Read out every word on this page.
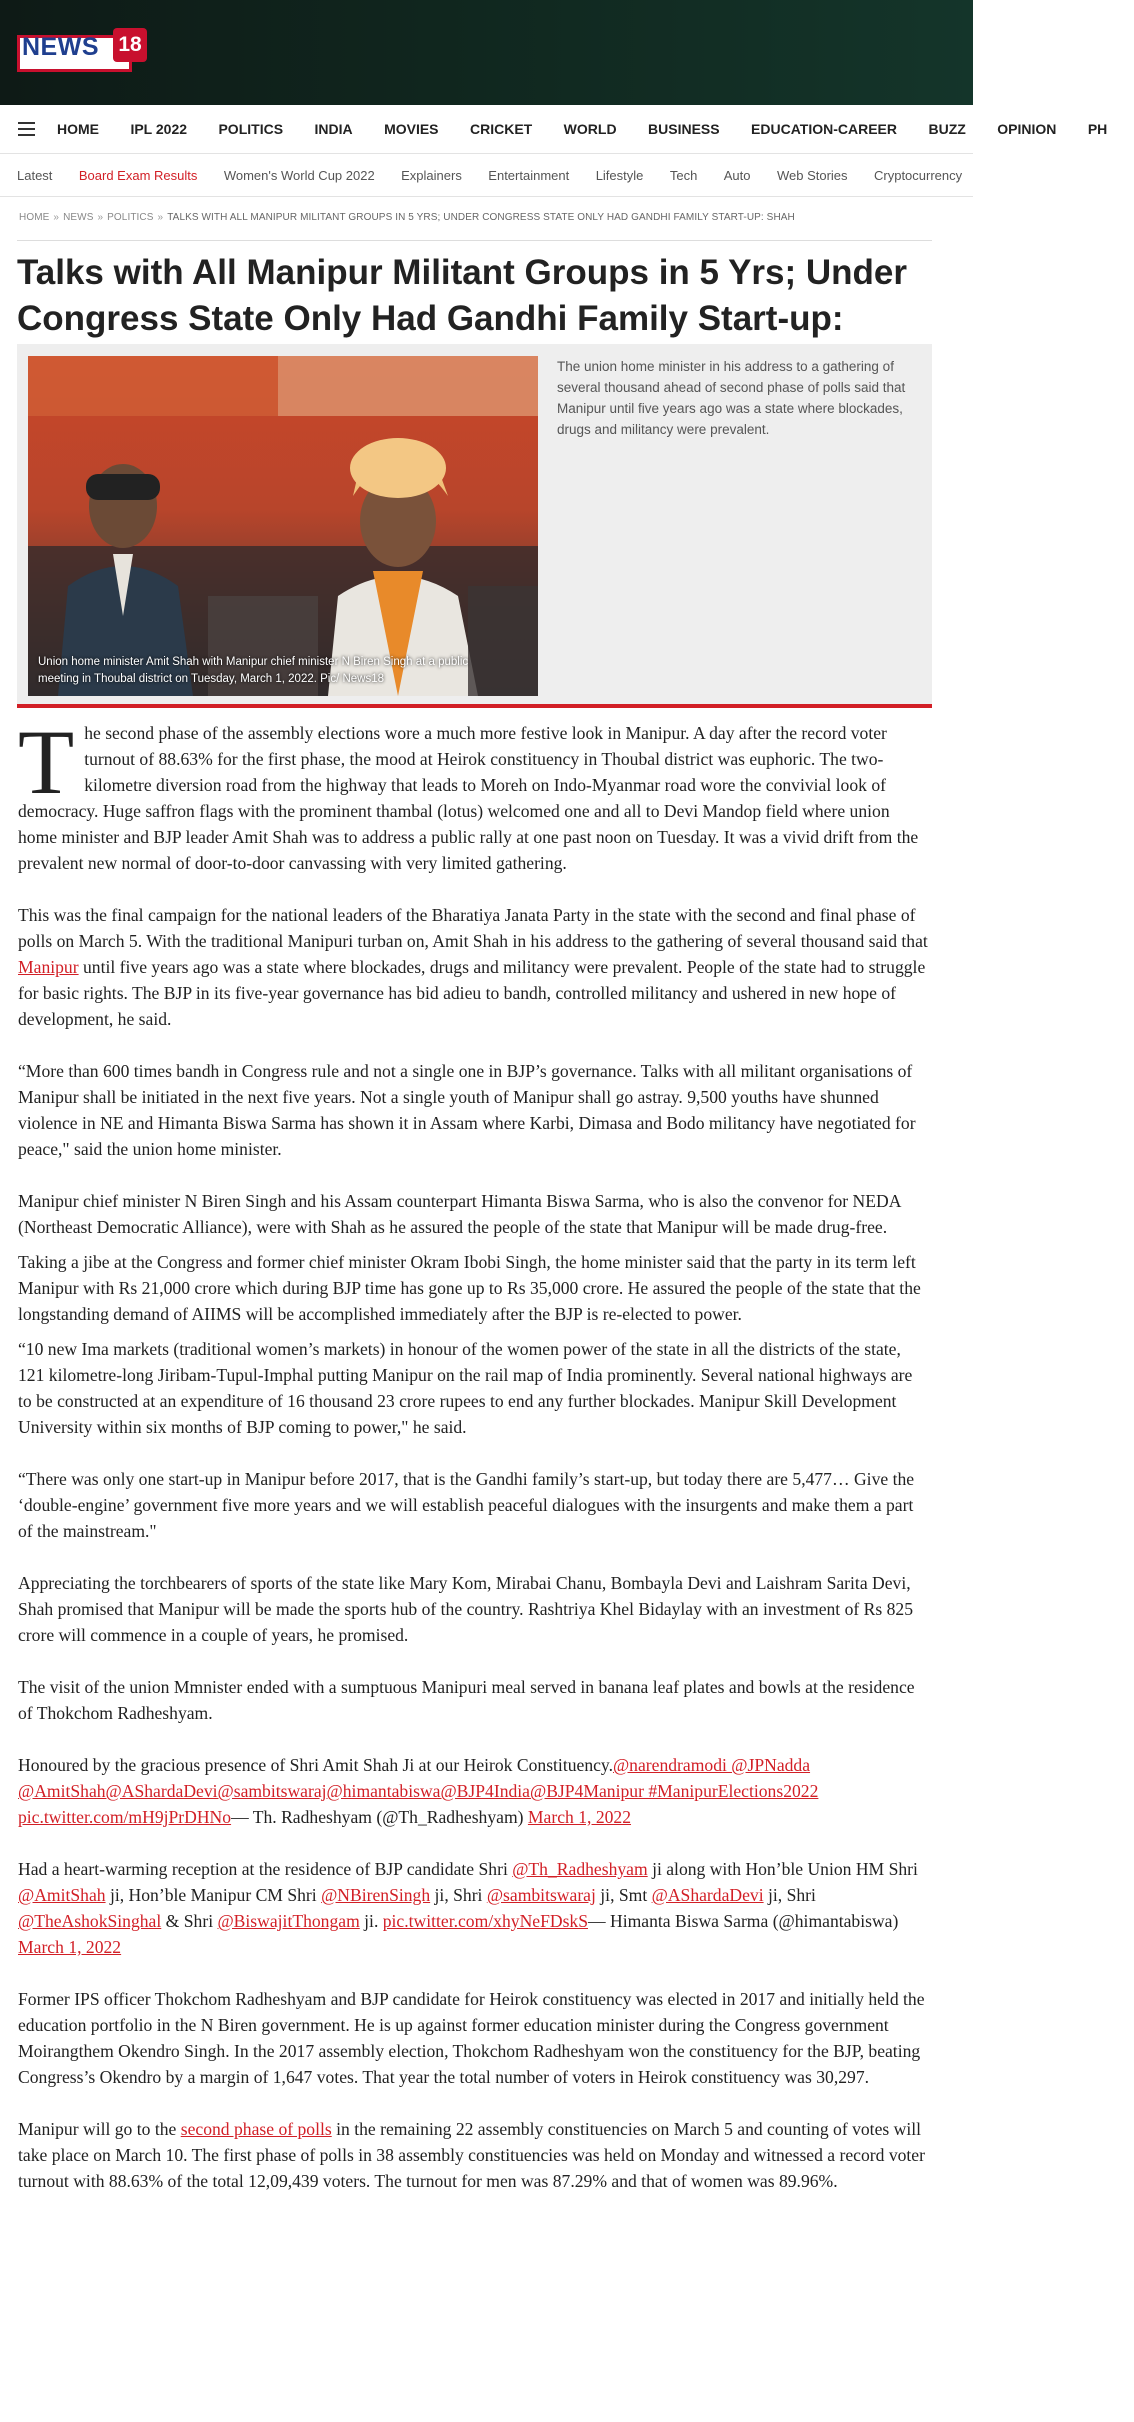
NEWS 18
HOME IPL 2022 POLITICS INDIA MOVIES CRICKET WORLD BUSINESS EDUCATION-CAREER BUZZ OPINION PH
Latest Board Exam Results Women's World Cup 2022 Explainers Entertainment Lifestyle Tech Auto Web Stories Cryptocurrency
HOME » NEWS » POLITICS » TALKS WITH ALL MANIPUR MILITANT GROUPS IN 5 YRS; UNDER CONGRESS STATE ONLY HAD GANDHI FAMILY START-UP: SHAH
Talks with All Manipur Militant Groups in 5 Yrs; Under Congress State Only Had Gandhi Family Start-up:
Union home minister Amit Shah with Manipur chief minister N Biren Singh at a public meeting in Thoubal district on Tuesday, March 1, 2022. Pic/ News18
The union home minister in his address to a gathering of several thousand ahead of second phase of polls said that Manipur until five years ago was a state where blockades, drugs and militancy were prevalent.

The second phase of the assembly elections wore a much more festive look in Manipur. A day after the record voter turnout of 88.63% for the first phase, the mood at Heirok constituency in Thoubal district was euphoric. The two-kilometre diversion road from the highway that leads to Moreh on Indo-Myanmar road wore the convivial look of democracy. Huge saffron flags with the prominent thambal (lotus) welcomed one and all to Devi Mandop field where union home minister and BJP leader Amit Shah was to address a public rally at one past noon on Tuesday. It was a vivid drift from the prevalent new normal of door-to-door canvassing with very limited gathering.

This was the final campaign for the national leaders of the Bharatiya Janata Party in the state with the second and final phase of polls on March 5. With the traditional Manipuri turban on, Amit Shah in his address to the gathering of several thousand said that Manipur until five years ago was a state where blockades, drugs and militancy were prevalent. People of the state had to struggle for basic rights. The BJP in its five-year governance has bid adieu to bandh, controlled militancy and ushered in new hope of development, he said.

“More than 600 times bandh in Congress rule and not a single one in BJP’s governance. Talks with all militant organisations of Manipur shall be initiated in the next five years. Not a single youth of Manipur shall go astray. 9,500 youths have shunned violence in NE and Himanta Biswa Sarma has shown it in Assam where Karbi, Dimasa and Bodo militancy have negotiated for peace," said the union home minister.

Manipur chief minister N Biren Singh and his Assam counterpart Himanta Biswa Sarma, who is also the convenor for NEDA (Northeast Democratic Alliance), were with Shah as he assured the people of the state that Manipur will be made drug-free.

Taking a jibe at the Congress and former chief minister Okram Ibobi Singh, the home minister said that the party in its term left Manipur with Rs 21,000 crore which during BJP time has gone up to Rs 35,000 crore. He assured the people of the state that the longstanding demand of AIIMS will be accomplished immediately after the BJP is re-elected to power.

“10 new Ima markets (traditional women’s markets) in honour of the women power of the state in all the districts of the state, 121 kilometre-long Jiribam-Tupul-Imphal putting Manipur on the rail map of India prominently. Several national highways are to be constructed at an expenditure of 16 thousand 23 crore rupees to end any further blockades. Manipur Skill Development University within six months of BJP coming to power," he said.

“There was only one start-up in Manipur before 2017, that is the Gandhi family’s start-up, but today there are 5,477… Give the ‘double-engine’ government five more years and we will establish peaceful dialogues with the insurgents and make them a part of the mainstream."

Appreciating the torchbearers of sports of the state like Mary Kom, Mirabai Chanu, Bombayla Devi and Laishram Sarita Devi, Shah promised that Manipur will be made the sports hub of the country. Rashtriya Khel Bidaylay with an investment of Rs 825 crore will commence in a couple of years, he promised.

The visit of the union Mmnister ended with a sumptuous Manipuri meal served in banana leaf plates and bowls at the residence of Thokchom Radheshyam.

Honoured by the gracious presence of Shri Amit Shah Ji at our Heirok Constituency.@narendramodi @JPNadda @AmitShah@AShardaDevi@sambitswaraj@himantabiswa@BJP4India@BJP4Manipur #ManipurElections2022 pic.twitter.com/mH9jPrDHNo— Th. Radheshyam (@Th_Radheshyam) March 1, 2022

Had a heart-warming reception at the residence of BJP candidate Shri @Th_Radheshyam ji along with Hon’ble Union HM Shri @AmitShah ji, Hon’ble Manipur CM Shri @NBirenSingh ji, Shri @sambitswaraj ji, Smt @AShardaDevi ji, Shri @TheAshokSinghal & Shri @BiswajitThongam ji. pic.twitter.com/xhyNeFDskS— Himanta Biswa Sarma (@himantabiswa) March 1, 2022

Former IPS officer Thokchom Radheshyam and BJP candidate for Heirok constituency was elected in 2017 and initially held the education portfolio in the N Biren government. He is up against former education minister during the Congress government Moirangthem Okendro Singh. In the 2017 assembly election, Thokchom Radheshyam won the constituency for the BJP, beating Congress’s Okendro by a margin of 1,647 votes. That year the total number of voters in Heirok constituency was 30,297.

Manipur will go to the second phase of polls in the remaining 22 assembly constituencies on March 5 and counting of votes will take place on March 10. The first phase of polls in 38 assembly constituencies was held on Monday and witnessed a record voter turnout with 88.63% of the total 12,09,439 voters. The turnout for men was 87.29% and that of women was 89.96%.
